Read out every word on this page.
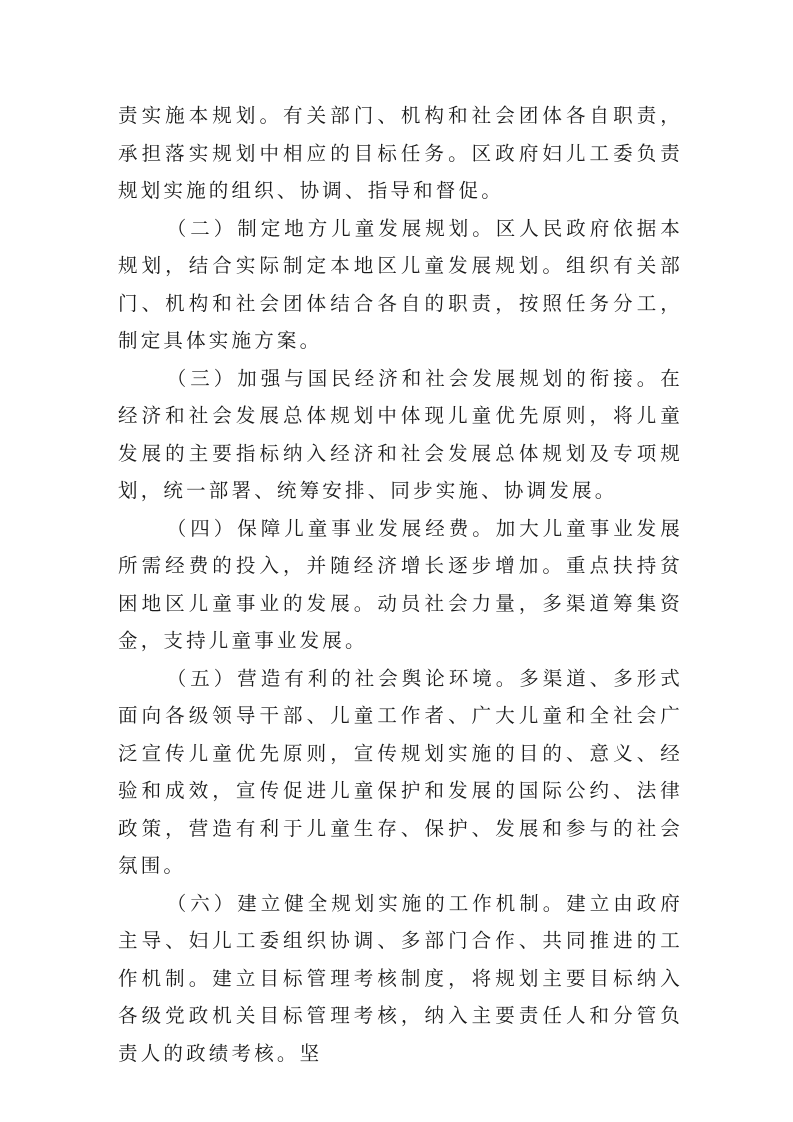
责实施本规划。有关部门、机构和社会团体各自职责，承担落实规划中相应的目标任务。区政府妇儿工委负责规划实施的组织、协调、指导和督促。

（二）制定地方儿童发展规划。区人民政府依据本规划，结合实际制定本地区儿童发展规划。组织有关部门、机构和社会团体结合各自的职责，按照任务分工，制定具体实施方案。

（三）加强与国民经济和社会发展规划的衔接。在经济和社会发展总体规划中体现儿童优先原则，将儿童发展的主要指标纳入经济和社会发展总体规划及专项规划，统一部署、统筹安排、同步实施、协调发展。

（四）保障儿童事业发展经费。加大儿童事业发展所需经费的投入，并随经济增长逐步增加。重点扶持贫困地区儿童事业的发展。动员社会力量，多渠道筹集资金，支持儿童事业发展。

（五）营造有利的社会舆论环境。多渠道、多形式面向各级领导干部、儿童工作者、广大儿童和全社会广泛宣传儿童优先原则，宣传规划实施的目的、意义、经验和成效，宣传促进儿童保护和发展的国际公约、法律政策，营造有利于儿童生存、保护、发展和参与的社会氛围。

（六）建立健全规划实施的工作机制。建立由政府主导、妇儿工委组织协调、多部门合作、共同推进的工作机制。建立目标管理考核制度，将规划主要目标纳入各级党政机关目标管理考核，纳入主要责任人和分管负责人的政绩考核。坚
